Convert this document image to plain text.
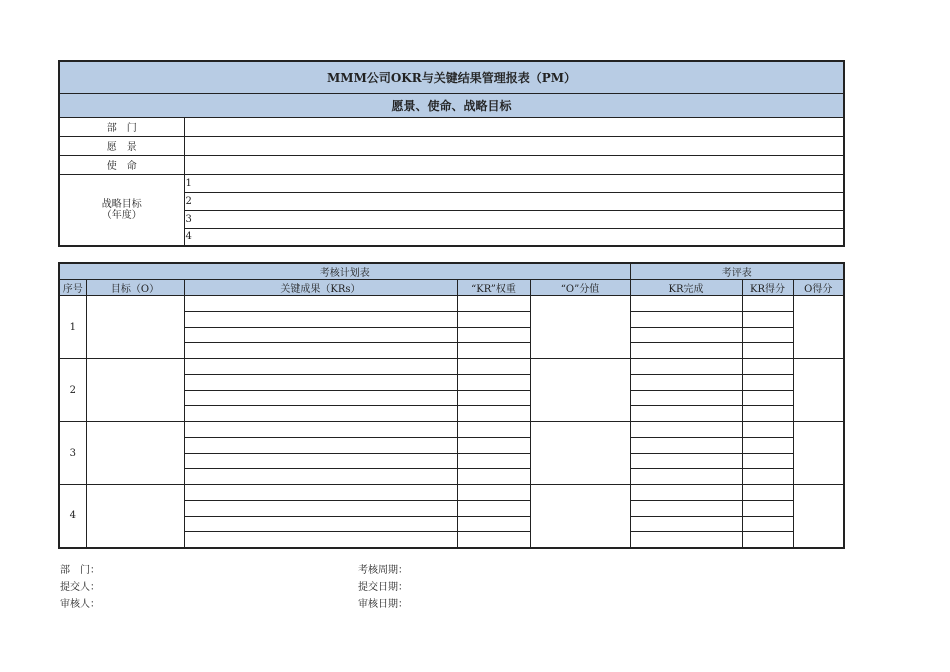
MMM公司OKR与关键结果管理报表（PM）	
愿景、使命、战略目标	
部　门	
愿　景	
使　命	
战略目标
（年度）	1
	2
	3
	4
考核计划表					考评表		
序号	目标（O）	关键成果（KRs）	“KR”权重	“O”分值	KR完成	KR得分	O得分
1							

2							

3							

4							

部　门：
提交人：
审核人：
考核周期：
提交日期：
审核日期：
